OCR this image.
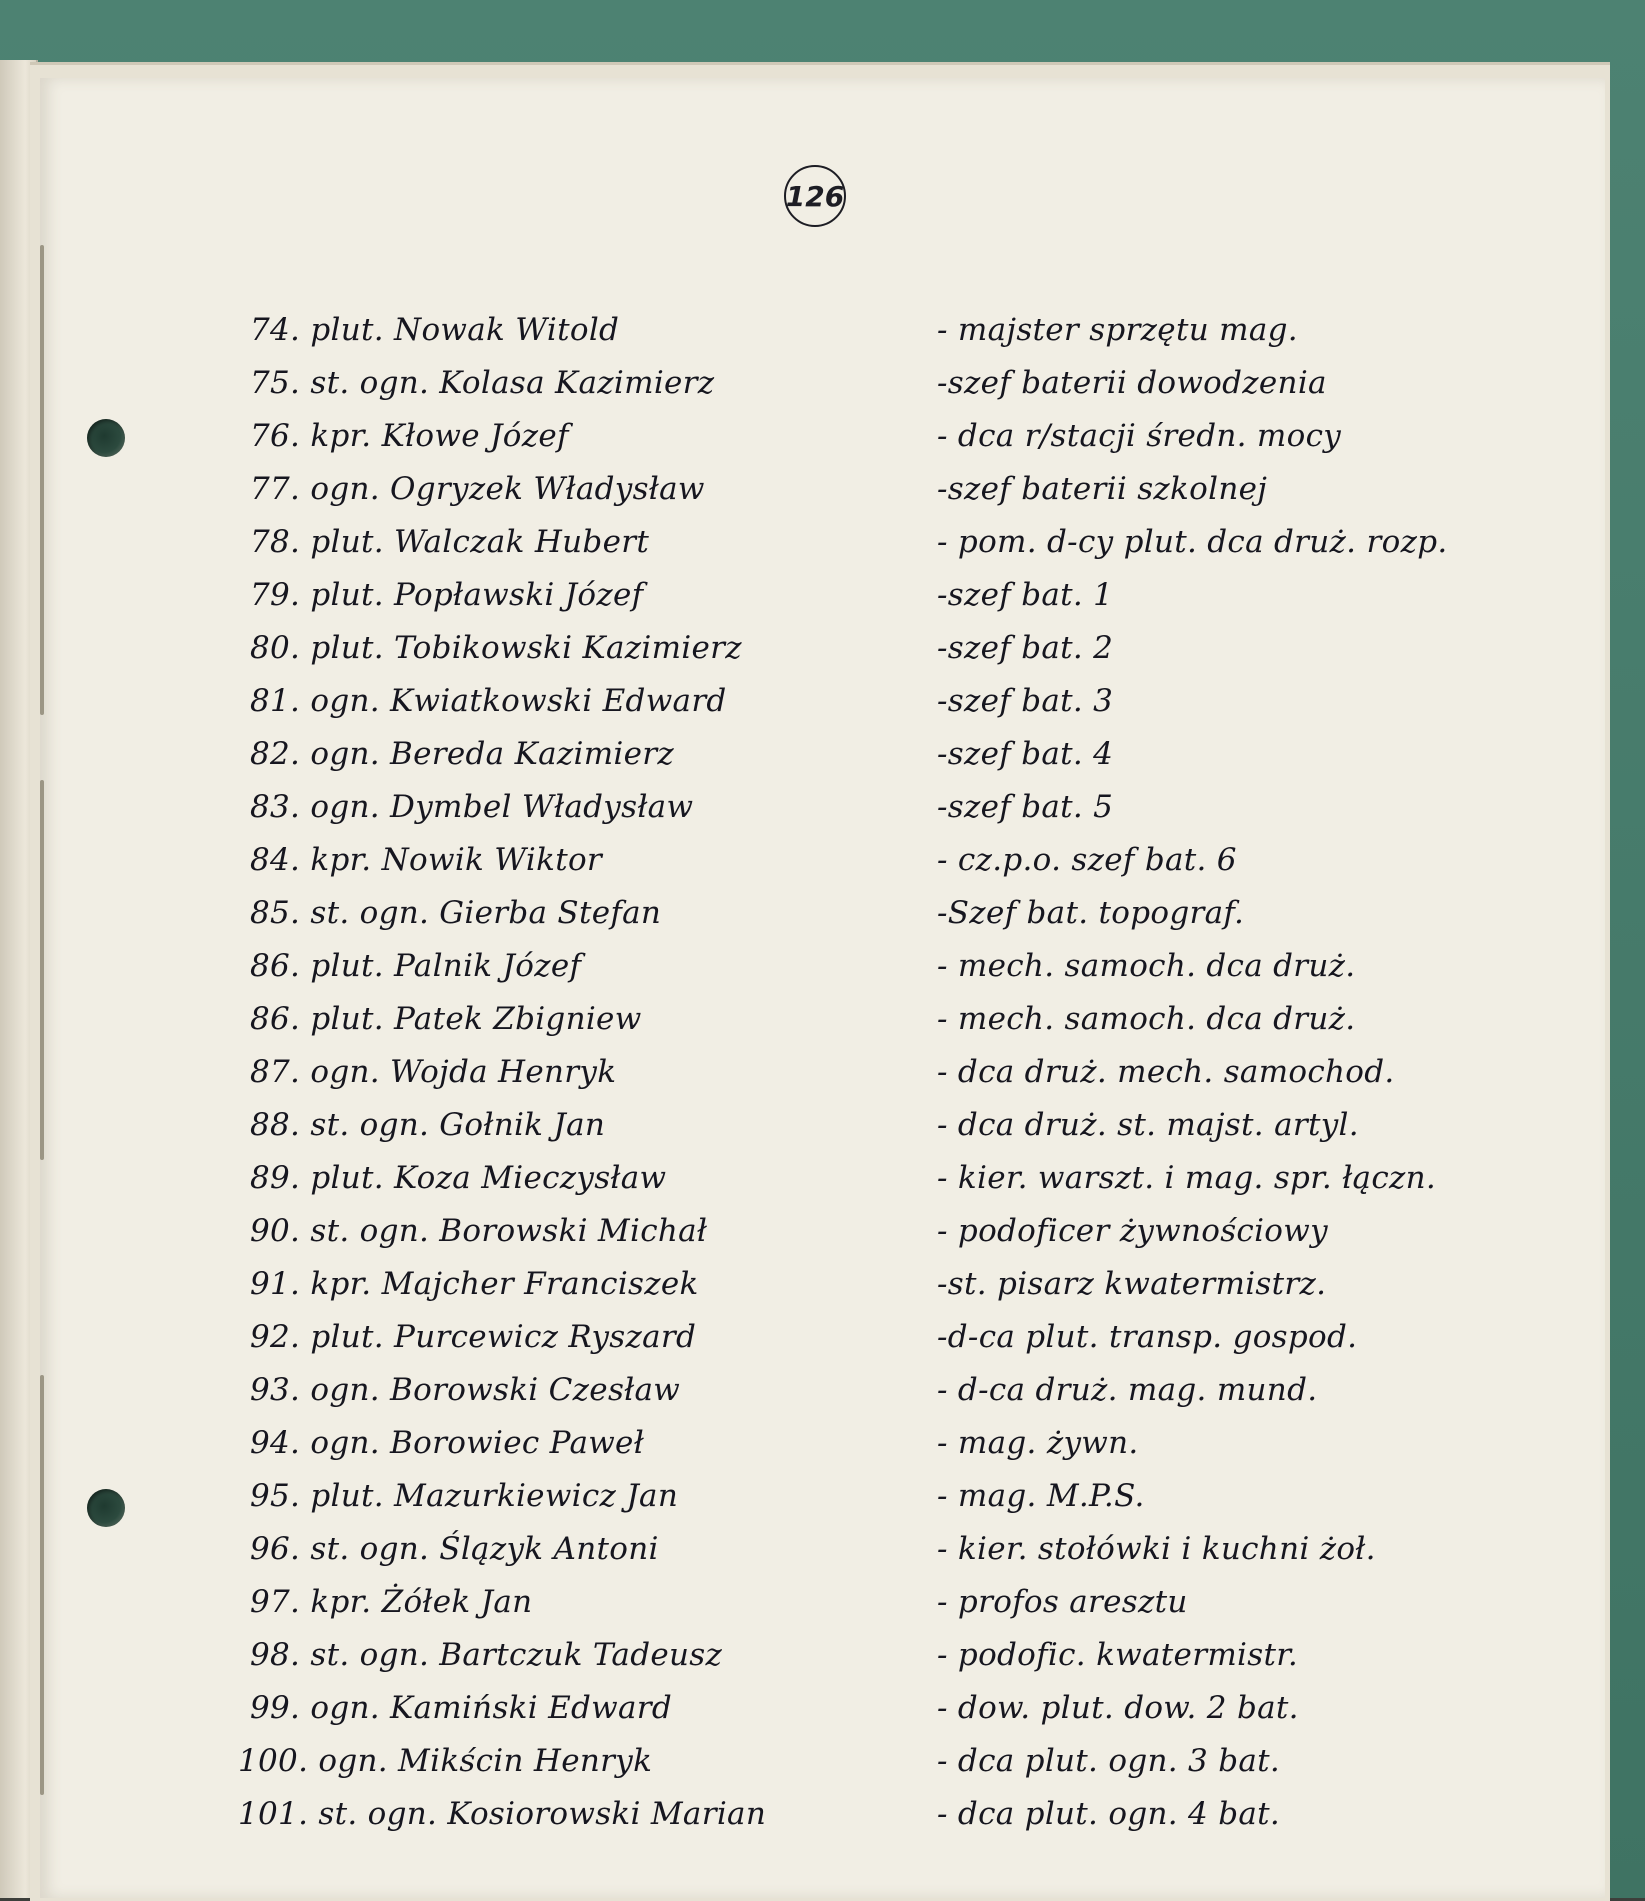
126
74. plut. Nowak Witold	- majster sprzętu mag.
75. st. ogn. Kolasa Kazimierz	-szef baterii dowodzenia
76. kpr. Kłowe Józef	- dca r/stacji średn. mocy
77. ogn. Ogryzek Władysław	-szef baterii szkolnej
78. plut. Walczak Hubert	- pom. d-cy plut. dca druż. rozp.
79. plut. Popławski Józef	-szef bat. 1
80. plut. Tobikowski Kazimierz	-szef bat. 2
81. ogn. Kwiatkowski Edward	-szef bat. 3
82. ogn. Bereda Kazimierz	-szef bat. 4
83. ogn. Dymbel Władysław	-szef bat. 5
84. kpr. Nowik Wiktor	- cz.p.o. szef bat. 6
85. st. ogn. Gierba Stefan	-Szef bat. topograf.
86. plut. Palnik Józef	- mech. samoch. dca druż.
86. plut. Patek Zbigniew	- mech. samoch. dca druż.
87. ogn. Wojda Henryk	- dca druż. mech. samochod.
88. st. ogn. Gołnik Jan	- dca druż. st. majst. artyl.
89. plut. Koza Mieczysław	- kier. warszt. i mag. spr. łączn.
90. st. ogn. Borowski Michał	- podoficer żywnościowy
91. kpr. Majcher Franciszek	-st. pisarz kwatermistrz.
92. plut. Purcewicz Ryszard	-d-ca plut. transp. gospod.
93. ogn. Borowski Czesław	- d-ca druż. mag. mund.
94. ogn. Borowiec Paweł	- mag. żywn.
95. plut. Mazurkiewicz Jan	- mag. M.P.S.
96. st. ogn. Ślązyk Antoni	- kier. stołówki i kuchni żoł.
97. kpr. Żółek Jan	- profos aresztu
98. st. ogn. Bartczuk Tadeusz	- podofic. kwatermistr.
99. ogn. Kamiński Edward	- dow. plut. dow. 2 bat.
100. ogn. Mikścin Henryk	- dca plut. ogn. 3 bat.
101. st. ogn. Kosiorowski Marian	- dca plut. ogn. 4 bat.
